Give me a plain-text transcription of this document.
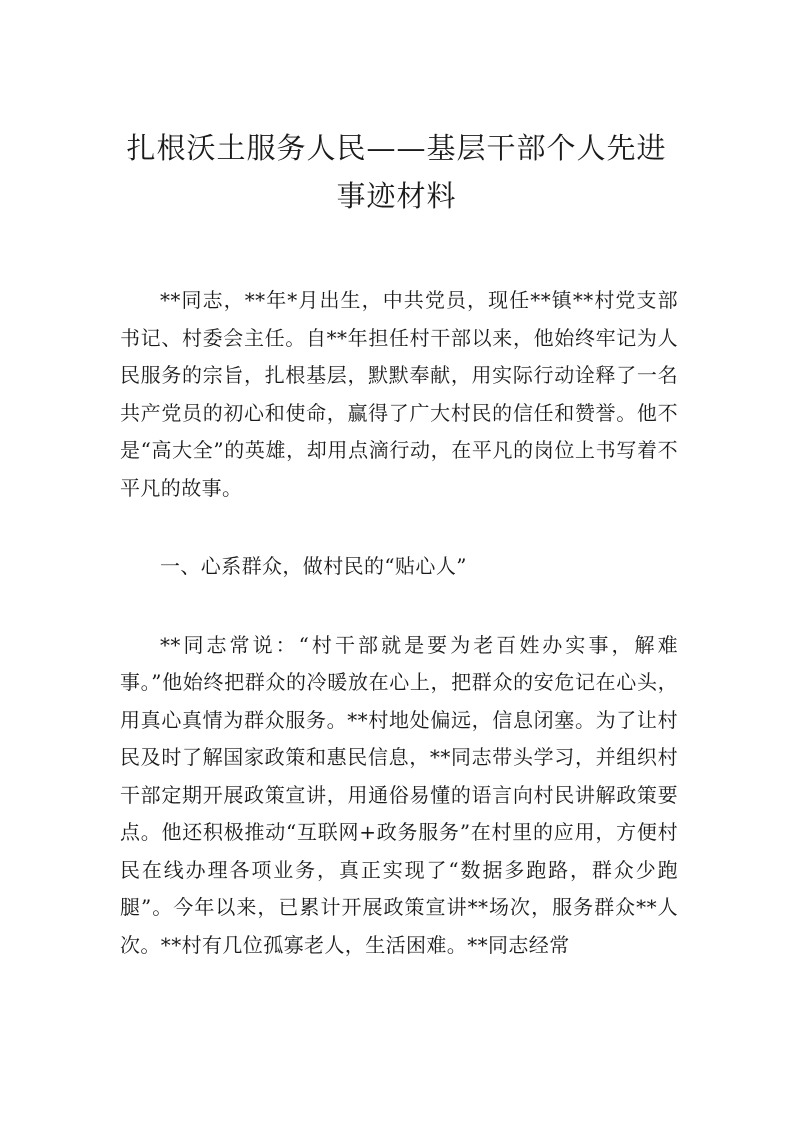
扎根沃土服务人民——基层干部个人先进
事迹材料

**同志，**年*月出生，中共党员，现任**镇**村党支部书记、村委会主任。自**年担任村干部以来，他始终牢记为人民服务的宗旨，扎根基层，默默奉献，用实际行动诠释了一名共产党员的初心和使命，赢得了广大村民的信任和赞誉。他不是“高大全”的英雄，却用点滴行动，在平凡的岗位上书写着不平凡的故事。

一、心系群众，做村民的“贴心人”

**同志常说：“村干部就是要为老百姓办实事，解难事。”他始终把群众的冷暖放在心上，把群众的安危记在心头，用真心真情为群众服务。**村地处偏远，信息闭塞。为了让村民及时了解国家政策和惠民信息，**同志带头学习，并组织村干部定期开展政策宣讲，用通俗易懂的语言向村民讲解政策要点。他还积极推动“互联网+政务服务”在村里的应用，方便村民在线办理各项业务，真正实现了“数据多跑路，群众少跑腿”。今年以来，已累计开展政策宣讲**场次，服务群众**人次。**村有几位孤寡老人，生活困难。**同志经常
